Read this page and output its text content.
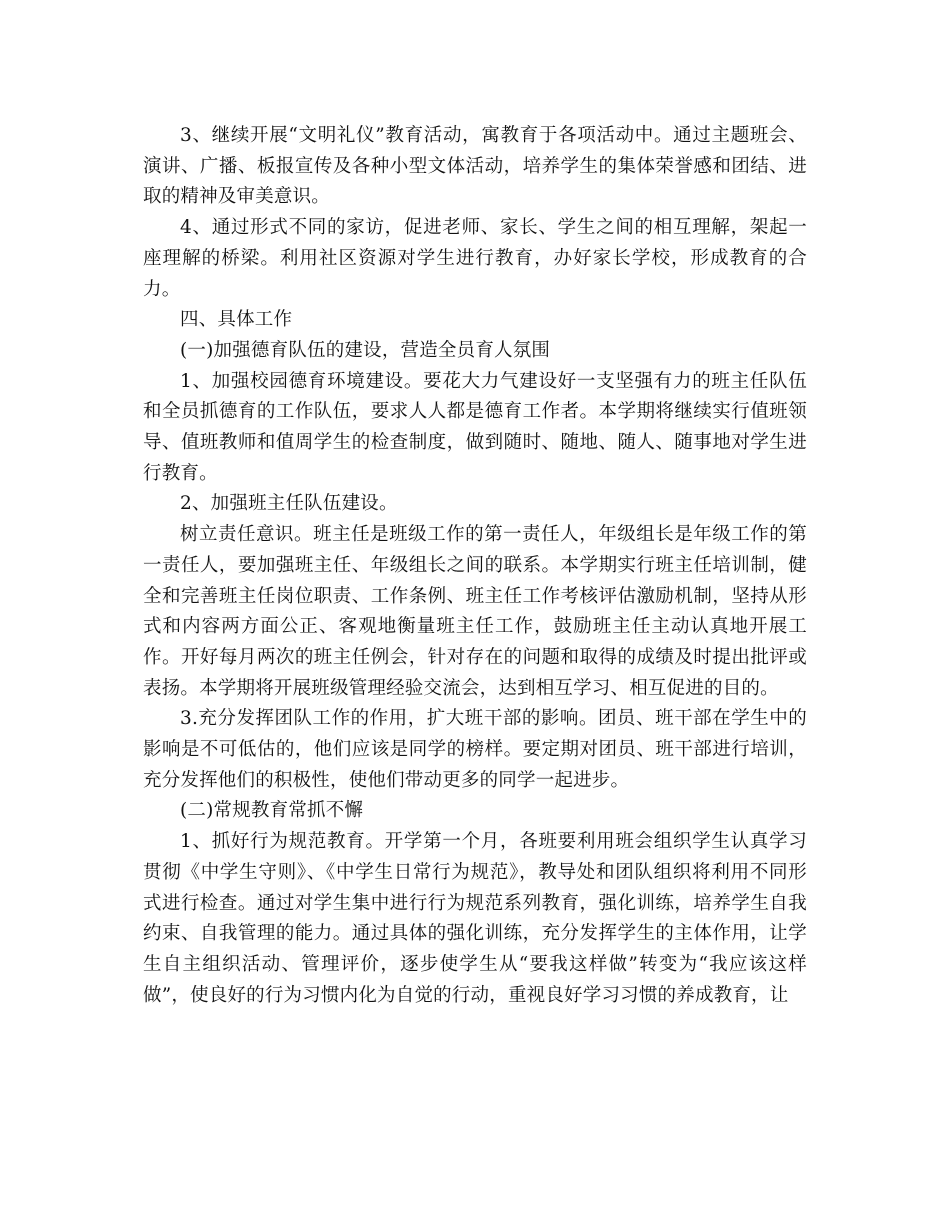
3、继续开展“文明礼仪”教育活动，寓教育于各项活动中。通过主题班会、演讲、广播、板报宣传及各种小型文体活动，培养学生的集体荣誉感和团结、进取的精神及审美意识。

4、通过形式不同的家访，促进老师、家长、学生之间的相互理解，架起一座理解的桥梁。利用社区资源对学生进行教育，办好家长学校，形成教育的合力。

四、具体工作

(一)加强德育队伍的建设，营造全员育人氛围

1、加强校园德育环境建设。要花大力气建设好一支坚强有力的班主任队伍和全员抓德育的工作队伍，要求人人都是德育工作者。本学期将继续实行值班领导、值班教师和值周学生的检查制度，做到随时、随地、随人、随事地对学生进行教育。

2、加强班主任队伍建设。

树立责任意识。班主任是班级工作的第一责任人，年级组长是年级工作的第一责任人，要加强班主任、年级组长之间的联系。本学期实行班主任培训制，健全和完善班主任岗位职责、工作条例、班主任工作考核评估激励机制，坚持从形式和内容两方面公正、客观地衡量班主任工作，鼓励班主任主动认真地开展工作。开好每月两次的班主任例会，针对存在的问题和取得的成绩及时提出批评或表扬。本学期将开展班级管理经验交流会，达到相互学习、相互促进的目的。

3.充分发挥团队工作的作用，扩大班干部的影响。团员、班干部在学生中的影响是不可低估的，他们应该是同学的榜样。要定期对团员、班干部进行培训，充分发挥他们的积极性，使他们带动更多的同学一起进步。

(二)常规教育常抓不懈

1、抓好行为规范教育。开学第一个月，各班要利用班会组织学生认真学习贯彻《中学生守则》、《中学生日常行为规范》，教导处和团队组织将利用不同形式进行检查。通过对学生集中进行行为规范系列教育，强化训练，培养学生自我约束、自我管理的能力。通过具体的强化训练，充分发挥学生的主体作用，让学生自主组织活动、管理评价，逐步使学生从“要我这样做”转变为“我应该这样做”，使良好的行为习惯内化为自觉的行动，重视良好学习习惯的养成教育，让
